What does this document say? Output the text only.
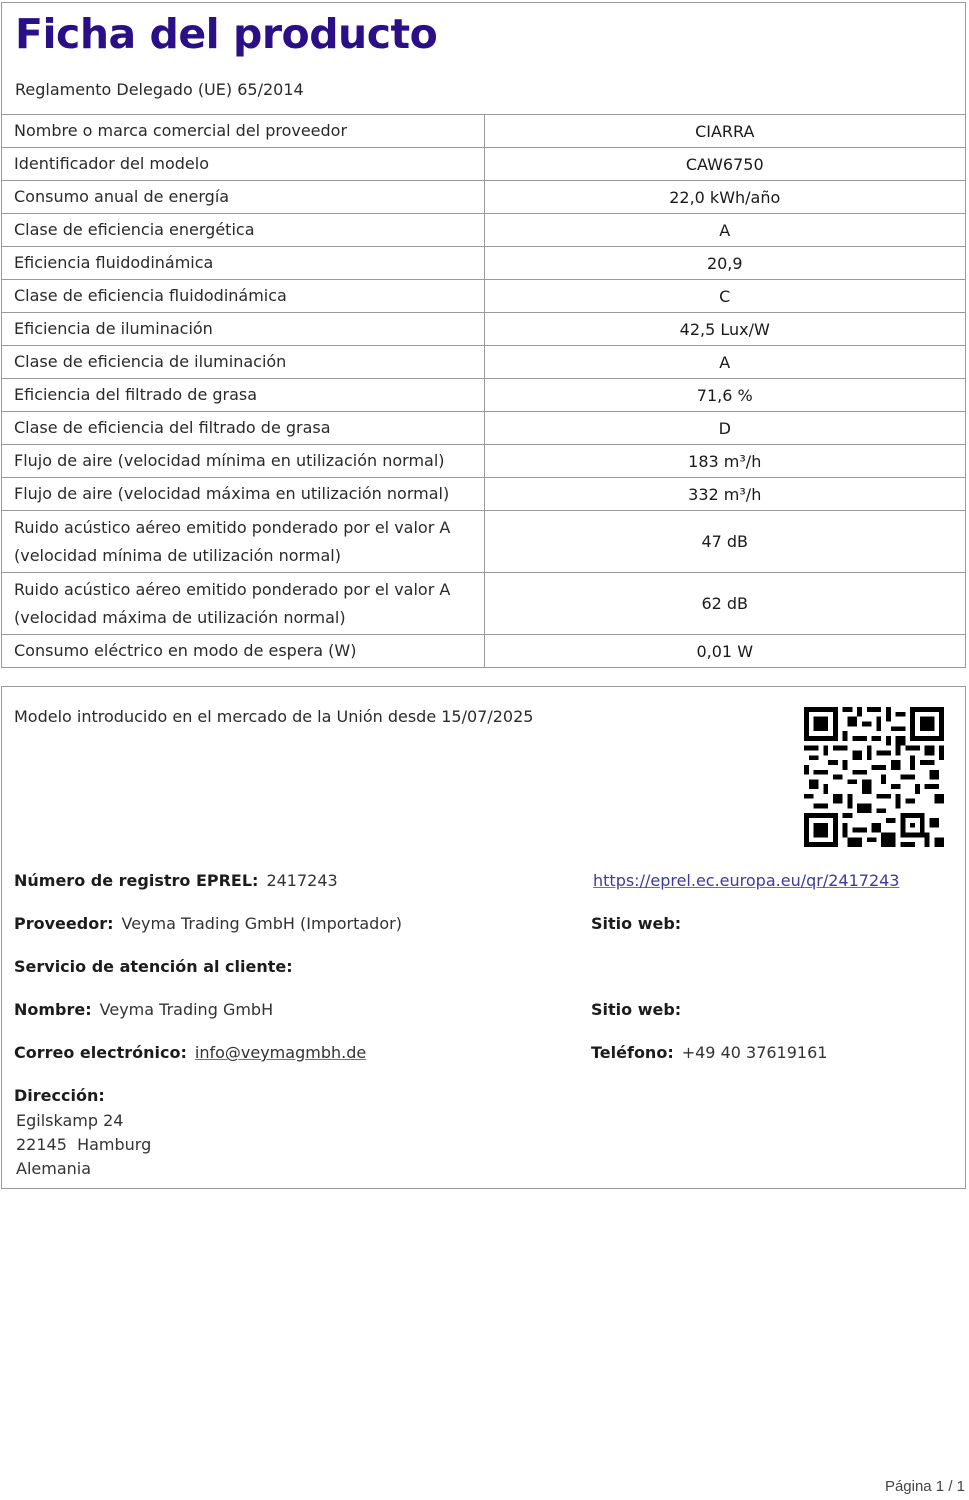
Ficha del producto
Reglamento Delegado (UE) 65/2014
Nombre o marca comercial del proveedor	CIARRA
Identificador del modelo	CAW6750
Consumo anual de energía	22,0 kWh/año
Clase de eficiencia energética	A
Eficiencia fluidodinámica	20,9
Clase de eficiencia fluidodinámica	C
Eficiencia de iluminación	42,5 Lux/W
Clase de eficiencia de iluminación	A
Eficiencia del filtrado de grasa	71,6 %
Clase de eficiencia del filtrado de grasa	D
Flujo de aire (velocidad mínima en utilización normal)	183 m³/h
Flujo de aire (velocidad máxima en utilización normal)	332 m³/h

Ruido acústico aéreo emitido ponderado por el valor A
(velocidad mínima de utilización normal)	47 dB

Ruido acústico aéreo emitido ponderado por el valor A
(velocidad máxima de utilización normal)	62 dB
Consumo eléctrico en modo de espera (W)	0,01 W
Modelo introducido en el mercado de la Unión desde 15/07/2025
Número de registro EPREL: 2417243	https://eprel.ec.europa.eu/qr/2417243
Proveedor: Veyma Trading GmbH (Importador)	Sitio web:
Servicio de atención al cliente:
Nombre: Veyma Trading GmbH	Sitio web:
Correo electrónico: info@veymagmbh.de	Teléfono: +49 40 37619161
Dirección:
Egilskamp 24
22145  Hamburg
Alemania
Página 1 / 1
